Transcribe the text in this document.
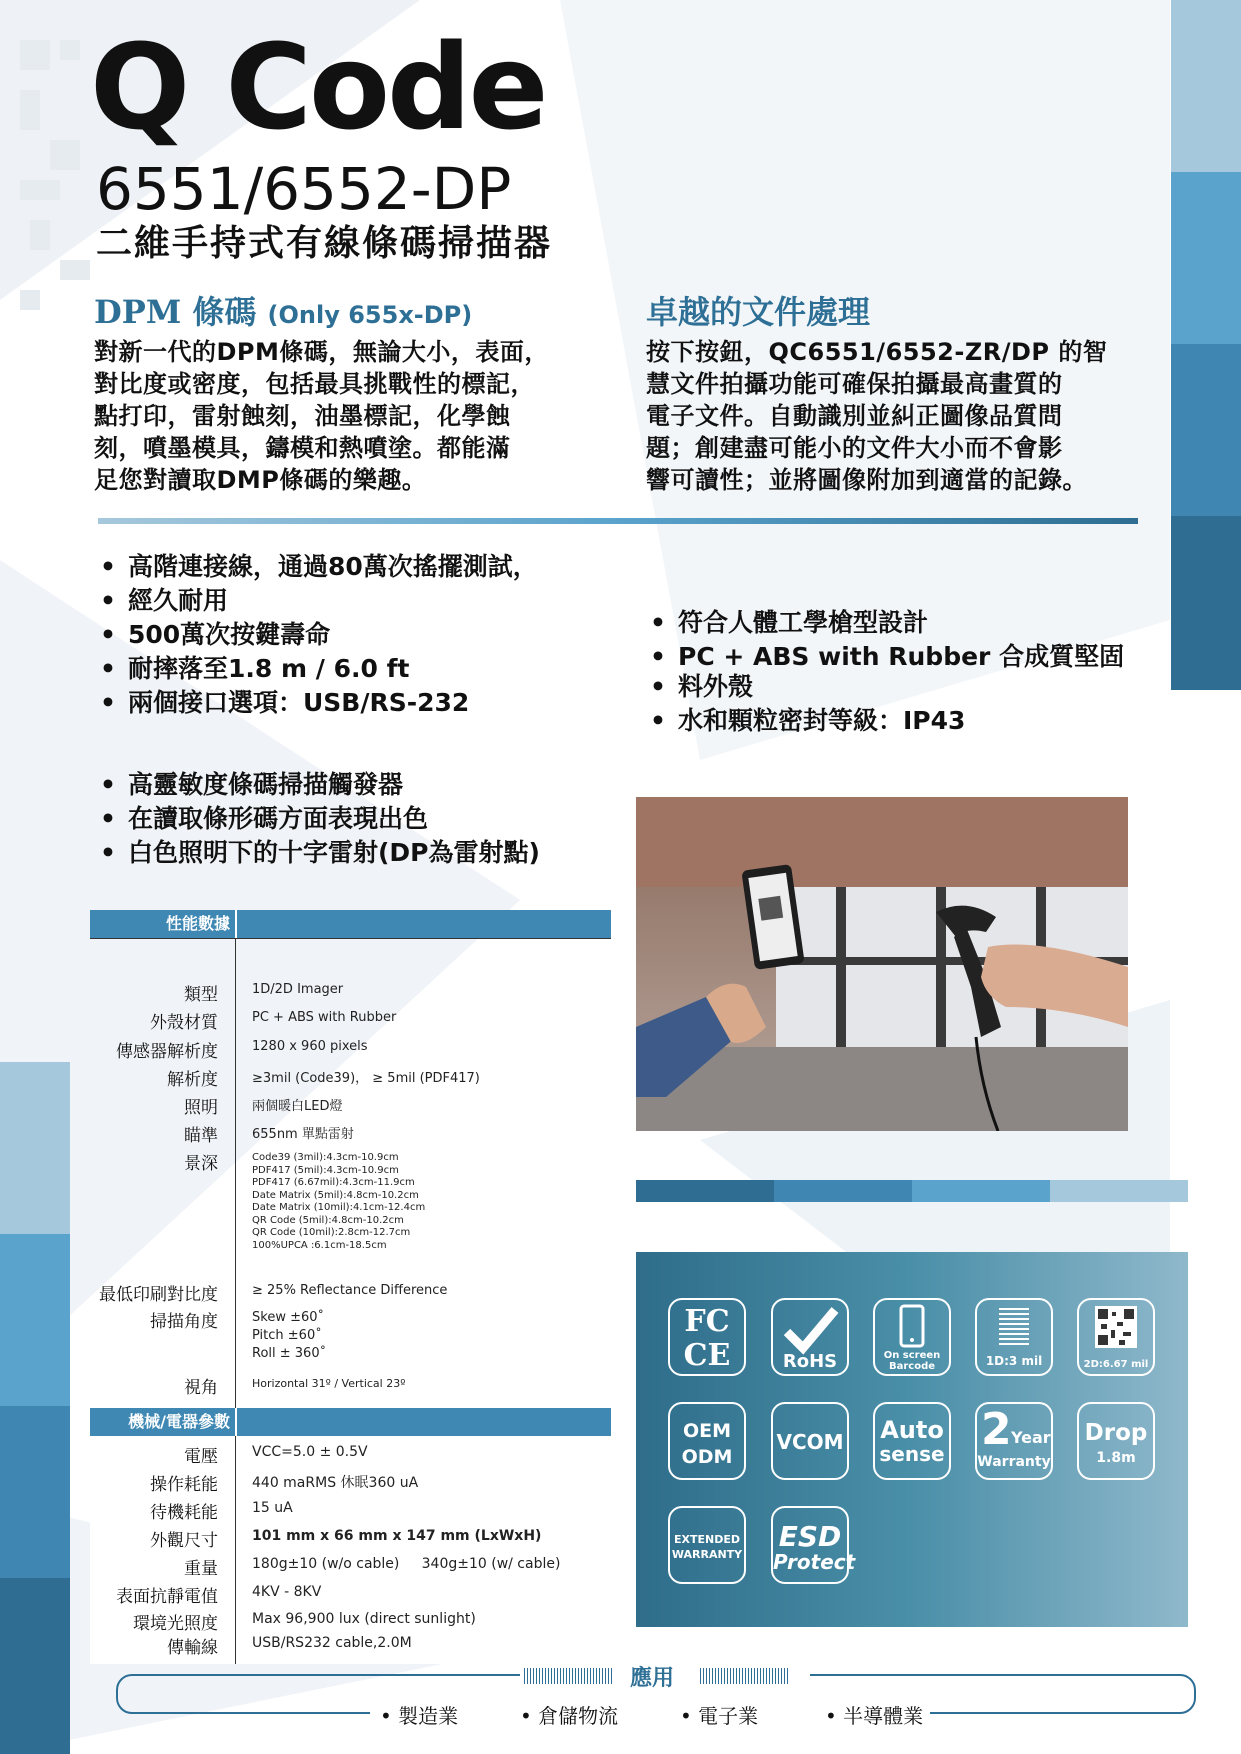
Q Code
6551/6552-DP
二維手持式有線條碼掃描器
DPM 條碼 (Only 655x-DP)
對新一代的DPM條碼，無論大小，表面，
對比度或密度，包括最具挑戰性的標記，
點打印，雷射蝕刻，油墨標記，化學蝕
刻，噴墨模具，鑄模和熱噴塗。都能滿
足您對讀取DMP條碼的樂趣。
卓越的文件處理
按下按鈕，QC6551/6552-ZR/DP 的智
慧文件拍攝功能可確保拍攝最高畫質的
電子文件。自動識別並糾正圖像品質問
題；創建盡可能小的文件大小而不會影
響可讀性；並將圖像附加到適當的記錄。
• 高階連接線，通過80萬次搖擺測試，
• 經久耐用
• 500萬次按鍵壽命
• 耐摔落至1.8 m / 6.0 ft
• 兩個接口選項：USB/RS-232
• 符合人體工學槍型設計
• PC + ABS with Rubber 合成質堅固
• 料外殼
• 水和顆粒密封等級：IP43
• 高靈敏度條碼掃描觸發器
• 在讀取條形碼方面表現出色
• 白色照明下的十字雷射(DP為雷射點)
性能數據
類型	1D/2D Imager
外殼材質	PC + ABS with Rubber
傳感器解析度	1280 x 960 pixels
解析度	≥3mil (Code39)， ≥ 5mil (PDF417)
照明	兩個暖白LED燈
瞄準	655nm 單點雷射
景深	Code39 (3mil):4.3cm-10.9cm
PDF417 (5mil):4.3cm-10.9cm
PDF417 (6.67mil):4.3cm-11.9cm
Date Matrix (5mil):4.8cm-10.2cm
Date Matrix (10mil):4.1cm-12.4cm
QR Code (5mil):4.8cm-10.2cm
QR Code (10mil):2.8cm-12.7cm
100%UPCA :6.1cm-18.5cm
最低印刷對比度	≥ 25% Reflectance Difference
掃描角度	Skew ±60˚
Pitch ±60˚
Roll ± 360˚
視角	Horizontal 31º / Vertical 23º
機械/電器參數
電壓 VCC=5.0 ± 0.5V
操作耗能 440 maRMS 休眠360 uA
待機耗能 15 uA
外觀尺寸 101 mm x 66 mm x 147 mm (LxWxH)
重量 180g±10 (w/o cable)     340g±10 (w/ cable)
表面抗靜電值 4KV - 8KV
環境光照度 Max 96,900 lux (direct sunlight)
傳輸線 USB/RS232 cable,2.0M
FC
CE	RoHS	On screen
Barcode	1D:3 mil	2D:6.67 mil
OEM
ODM
VCOM Auto
sense 2 Year
Warranty
Drop
1.8m
EXTENDED
WARRANTY
ESD
Protect
應用
• 製造業	• 倉儲物流	• 電子業	• 半導體業
